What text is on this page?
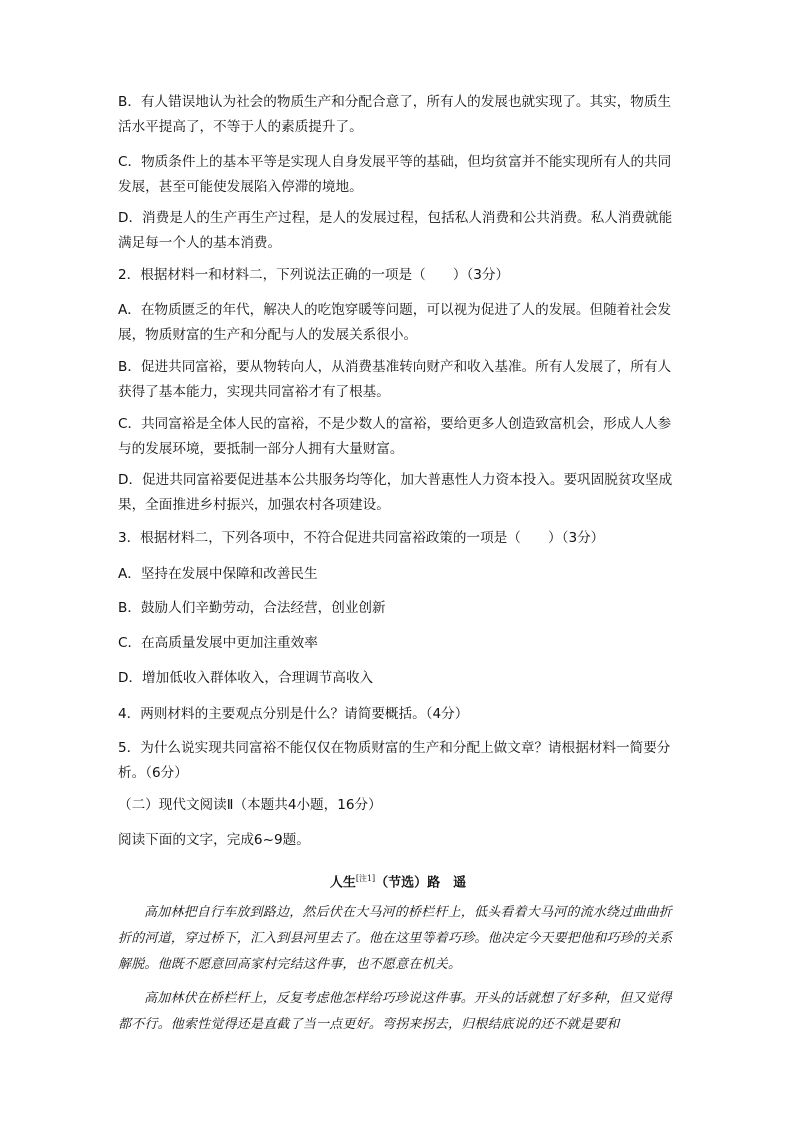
B．有人错误地认为社会的物质生产和分配合意了，所有人的发展也就实现了。其实，物质生活水平提高了，不等于人的素质提升了。

C．物质条件上的基本平等是实现人自身发展平等的基础，但均贫富并不能实现所有人的共同发展，甚至可能使发展陷入停滞的境地。

D．消费是人的生产再生产过程，是人的发展过程，包括私人消费和公共消费。私人消费就能满足每一个人的基本消费。

2．根据材料一和材料二，下列说法正确的一项是（　　）（3分）

A．在物质匮乏的年代，解决人的吃饱穿暖等问题，可以视为促进了人的发展。但随着社会发展，物质财富的生产和分配与人的发展关系很小。

B．促进共同富裕，要从物转向人，从消费基准转向财产和收入基准。所有人发展了，所有人获得了基本能力，实现共同富裕才有了根基。

C．共同富裕是全体人民的富裕，不是少数人的富裕，要给更多人创造致富机会，形成人人参与的发展环境，要抵制一部分人拥有大量财富。

D．促进共同富裕要促进基本公共服务均等化，加大普惠性人力资本投入。要巩固脱贫攻坚成果，全面推进乡村振兴，加强农村各项建设。

3．根据材料二，下列各项中，不符合促进共同富裕政策的一项是（　　）（3分）

A．坚持在发展中保障和改善民生

B．鼓励人们辛勤劳动，合法经营，创业创新

C．在高质量发展中更加注重效率

D．增加低收入群体收入，合理调节高收入

4．两则材料的主要观点分别是什么？请简要概括。（4分）

5．为什么说实现共同富裕不能仅仅在物质财富的生产和分配上做文章？请根据材料一简要分析。（6分）

（二）现代文阅读Ⅱ（本题共4小题，16分）

阅读下面的文字，完成6~9题。

人生[注1]（节选）路　遥

高加林把自行车放到路边，然后伏在大马河的桥栏杆上，低头看着大马河的流水绕过曲曲折折的河道，穿过桥下，汇入到县河里去了。他在这里等着巧珍。他决定今天要把他和巧珍的关系解脱。他既不愿意回高家村完结这件事，也不愿意在机关。

高加林伏在桥栏杆上，反复考虑他怎样给巧珍说这件事。开头的话就想了好多种，但又觉得都不行。他索性觉得还是直截了当一点更好。弯拐来拐去，归根结底说的还不就是要和
